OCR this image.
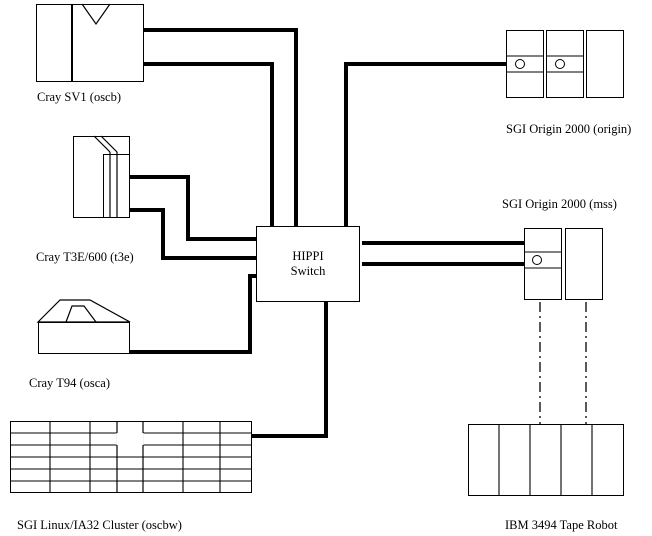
Cray SV1 (oscb)
Cray T3E/600 (t3e)
Cray T94 (osca)
SGI Linux/IA32 Cluster (oscbw)
SGI Origin 2000 (origin)
SGI Origin 2000 (mss)
IBM 3494 Tape Robot
HIPPI
Switch
